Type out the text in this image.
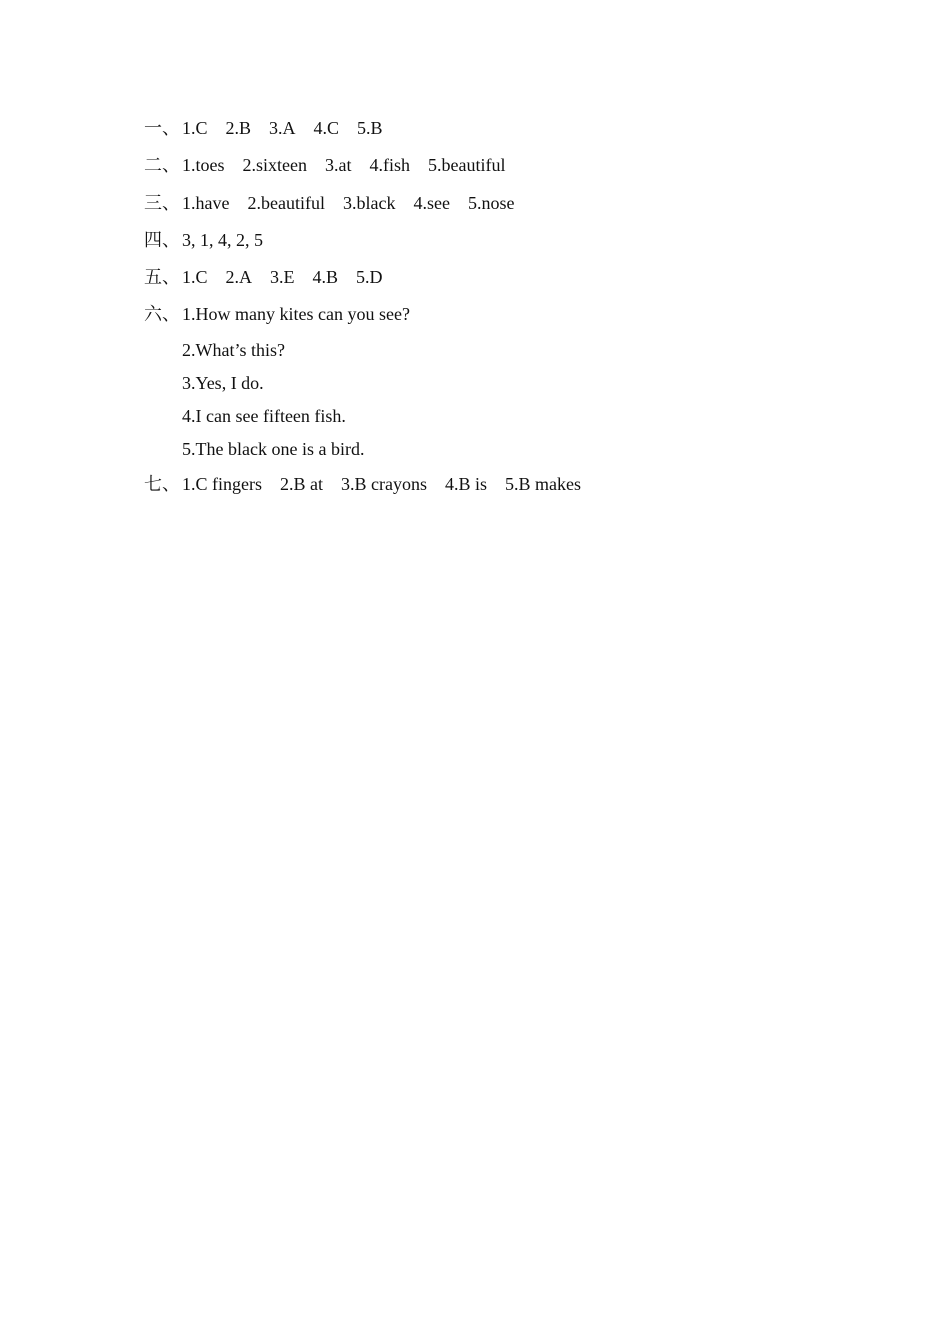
一、 1.C 2.B 3.A 4.C 5.B
二、 1.toes 2.sixteen 3.at 4.fish 5.beautiful
三、 1.have 2.beautiful 3.black 4.see 5.nose
四、 3, 1, 4, 2, 5
五、 1.C 2.A 3.E 4.B 5.D
六、 1.How many kites can you see?
2.What’s this?
3.Yes, I do.
4.I can see fifteen fish.
5.The black one is a bird.
七、 1.C fingers 2.B at 3.B crayons 4.B is 5.B makes
